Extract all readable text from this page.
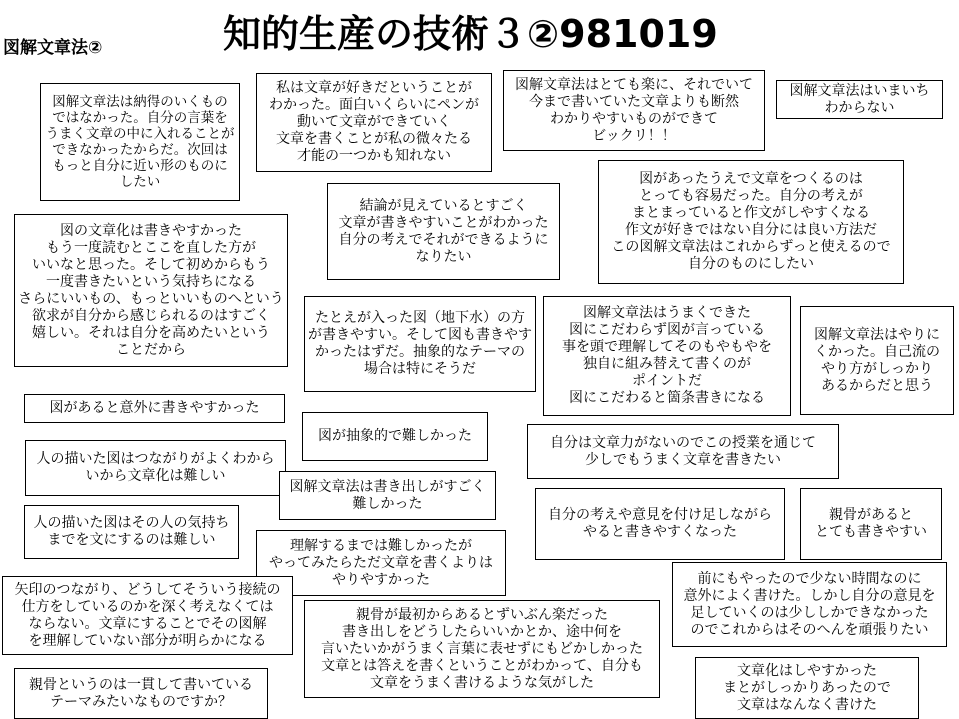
知的生産の技術３②981019
図解文章法②
図解文章法は納得のいくもの
ではなかった。自分の言葉を
うまく文章の中に入れることが
できなかったからだ。次回は
もっと自分に近い形のものに
したい
私は文章が好きだということが
わかった。面白いくらいにペンが
動いて文章ができていく
文章を書くことが私の微々たる
才能の一つかも知れない
図解文章法はとても楽に、それでいて
今まで書いていた文章よりも断然
わかりやすいものができて
ビックリ！！
図解文章法はいまいち
わからない
図の文章化は書きやすかった
もう一度読むとここを直した方が
いいなと思った。そして初めからもう
一度書きたいという気持ちになる
さらにいいもの、もっといいものへという
欲求が自分から感じられるのはすごく
嬉しい。それは自分を高めたいという
ことだから
結論が見えているとすごく
文章が書きやすいことがわかった
自分の考えでそれができるように
なりたい
図があったうえで文章をつくるのは
とっても容易だった。自分の考えが
まとまっていると作文がしやすくなる
作文が好きではない自分には良い方法だ
この図解文章法はこれからずっと使えるので
自分のものにしたい
たとえが入った図（地下水）の方
が書きやすい。そして図も書きやす
かったはずだ。抽象的なテーマの
場合は特にそうだ
図解文章法はうまくできた
図にこだわらず図が言っている
事を頭で理解してそのもやもやを
独自に組み替えて書くのが
ポイントだ
図にこだわると箇条書きになる
図解文章法はやりに
くかった。自己流の
やり方がしっかり
あるからだと思う
図があると意外に書きやすかった
図が抽象的で難しかった	自分は文章力がないのでこの授業を通じて
少しでもうまく文章を書きたい
人の描いた図はつながりがよくわから
いから文章化は難しい
図解文章法は書き出しがすごく
難しかった
自分の考えや意見を付け足しながら
やると書きやすくなった
親骨があると
とても書きやすい
人の描いた図はその人の気持ち
までを文にするのは難しい	理解するまでは難しかったが
やってみたらただ文章を書くよりは
やりやすかった	前にもやったので少ない時間なのに
意外によく書けた。しかし自分の意見を
足していくのは少ししかできなかった
のでこれからはそのへんを頑張りたい
矢印のつながり、どうしてそういう接続の
仕方をしているのかを深く考えなくては
ならない。文章にすることでその図解
を理解していない部分が明らかになる
親骨が最初からあるとずいぶん楽だった
書き出しをどうしたらいいかとか、途中何を
言いたいかがうまく言葉に表せずにもどかしかった
文章とは答えを書くということがわかって、自分も
文章をうまく書けるような気がした
親骨というのは一貫して書いている
テーマみたいなものですか？
文章化はしやすかった
まとがしっかりあったので
文章はなんなく書けた
